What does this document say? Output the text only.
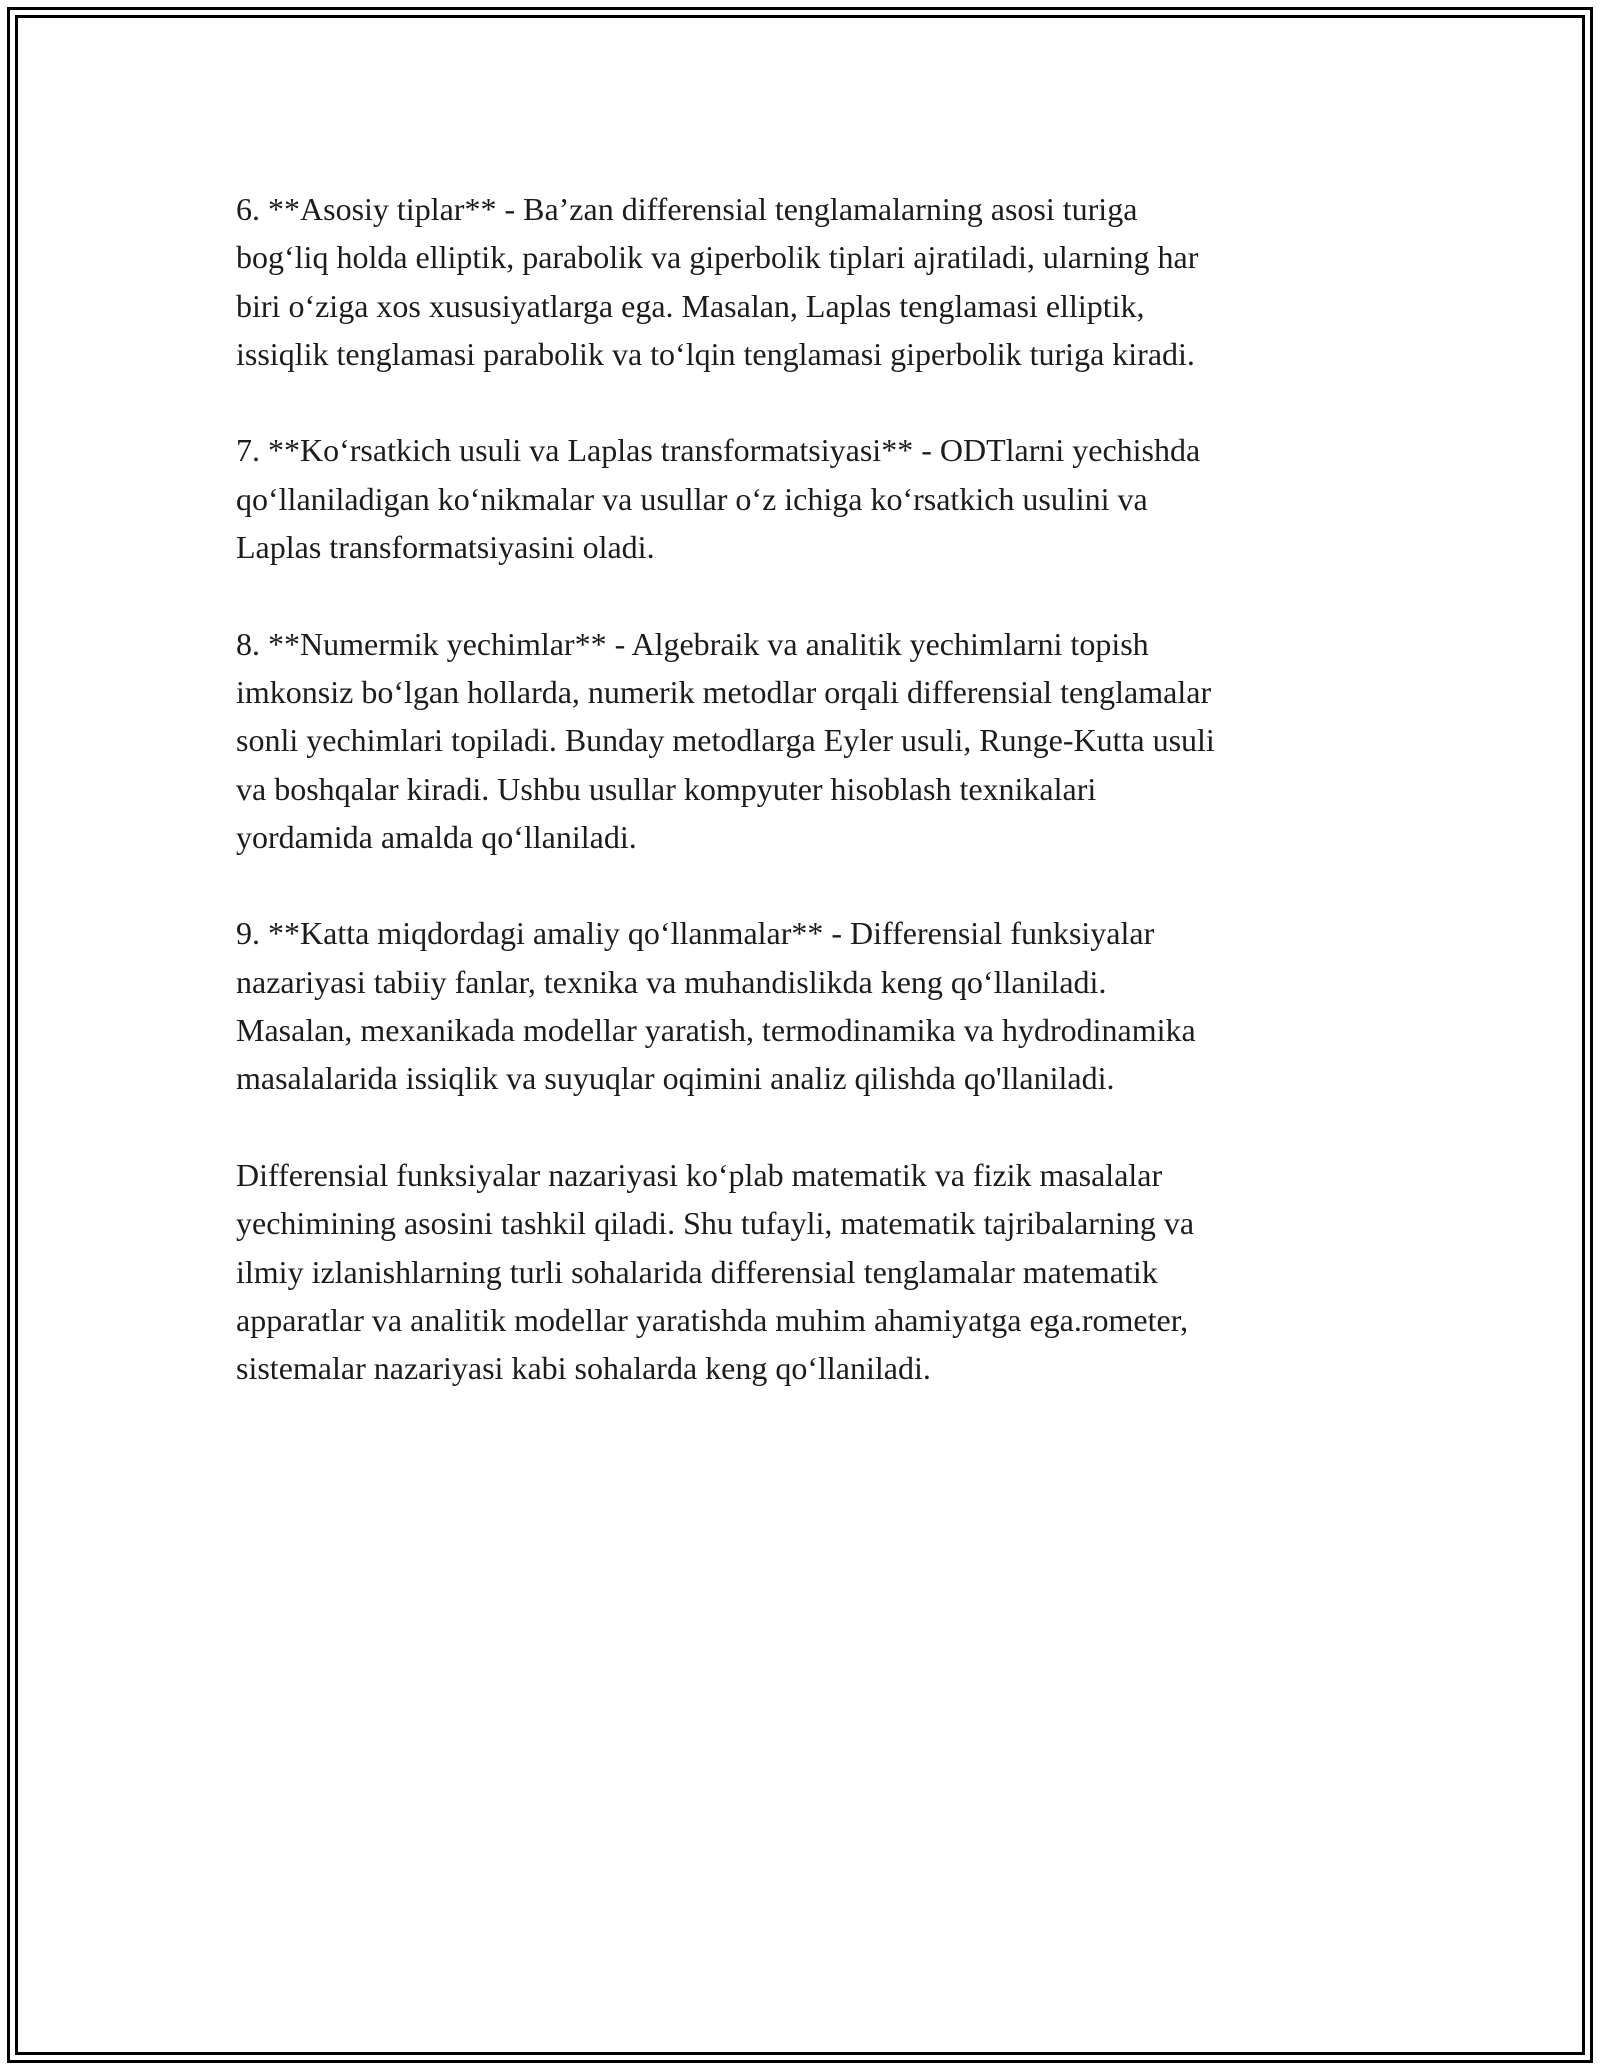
6. **Asosiy tiplar** - Ba’zan differensial tenglamalarning asosi turiga
bog‘liq holda elliptik, parabolik va giperbolik tiplari ajratiladi, ularning har
biri o‘ziga xos xususiyatlarga ega. Masalan, Laplas tenglamasi elliptik,
issiqlik tenglamasi parabolik va to‘lqin tenglamasi giperbolik turiga kiradi.

7. **Ko‘rsatkich usuli va Laplas transformatsiyasi** - ODTlarni yechishda
qo‘llaniladigan ko‘nikmalar va usullar o‘z ichiga ko‘rsatkich usulini va
Laplas transformatsiyasini oladi.

8. **Numermik yechimlar** - Algebraik va analitik yechimlarni topish
imkonsiz bo‘lgan hollarda, numerik metodlar orqali differensial tenglamalar
sonli yechimlari topiladi. Bunday metodlarga Eyler usuli, Runge-Kutta usuli
va boshqalar kiradi. Ushbu usullar kompyuter hisoblash texnikalari
yordamida amalda qo‘llaniladi.

9. **Katta miqdordagi amaliy qo‘llanmalar** - Differensial funksiyalar
nazariyasi tabiiy fanlar, texnika va muhandislikda keng qo‘llaniladi.
Masalan, mexanikada modellar yaratish, termodinamika va hydrodinamika
masalalarida issiqlik va suyuqlar oqimini analiz qilishda qo'llaniladi.

Differensial funksiyalar nazariyasi ko‘plab matematik va fizik masalalar
yechimining asosini tashkil qiladi. Shu tufayli, matematik tajribalarning va
ilmiy izlanishlarning turli sohalarida differensial tenglamalar matematik
apparatlar va analitik modellar yaratishda muhim ahamiyatga ega.rometer,
sistemalar nazariyasi kabi sohalarda keng qo‘llaniladi.
